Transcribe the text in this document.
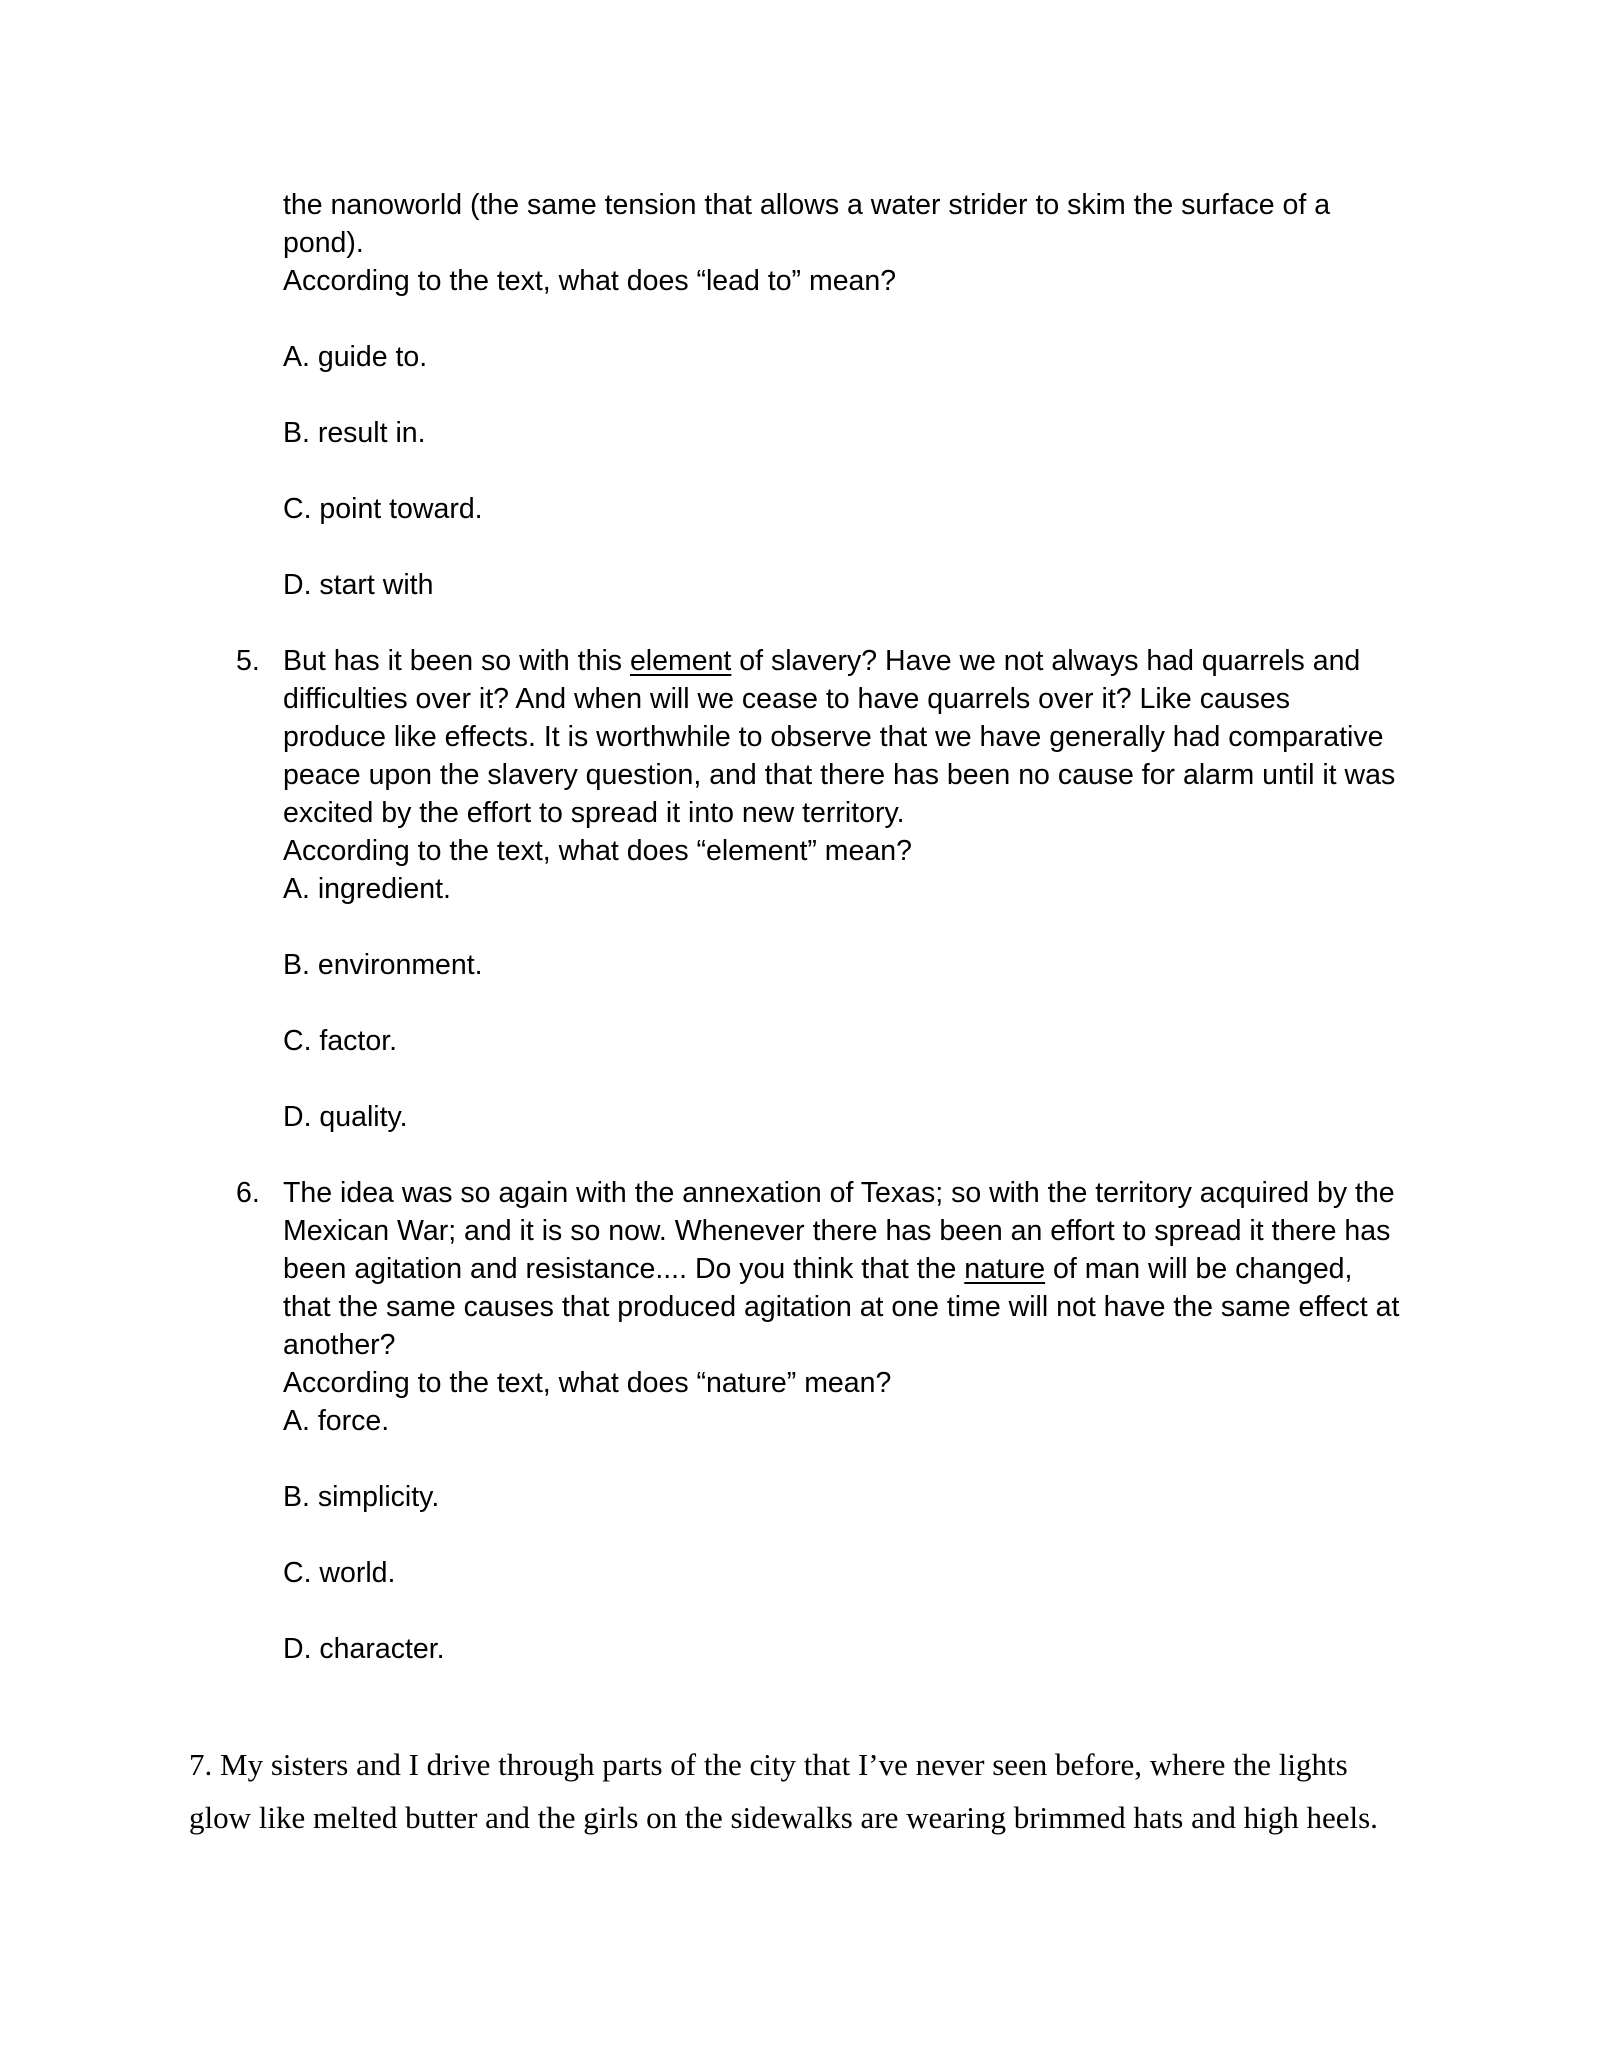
the nanoworld (the same tension that allows a water strider to skim the surface of a
pond).
According to the text, what does “lead to” mean?
A. guide to.
B. result in.
C. point toward.
D. start with
5. But has it been so with this element of slavery? Have we not always had quarrels and
difficulties over it? And when will we cease to have quarrels over it? Like causes
produce like effects. It is worthwhile to observe that we have generally had comparative
peace upon the slavery question, and that there has been no cause for alarm until it was
excited by the effort to spread it into new territory.
According to the text, what does “element” mean?
A. ingredient.
B. environment.
C. factor.
D. quality.
6. The idea was so again with the annexation of Texas; so with the territory acquired by the
Mexican War; and it is so now. Whenever there has been an effort to spread it there has
been agitation and resistance.... Do you think that the nature of man will be changed,
that the same causes that produced agitation at one time will not have the same effect at
another?
According to the text, what does “nature” mean?
A. force.
B. simplicity.
C. world.
D. character.
7. My sisters and I drive through parts of the city that I’ve never seen before, where the lights
glow like melted butter and the girls on the sidewalks are wearing brimmed hats and high heels.
